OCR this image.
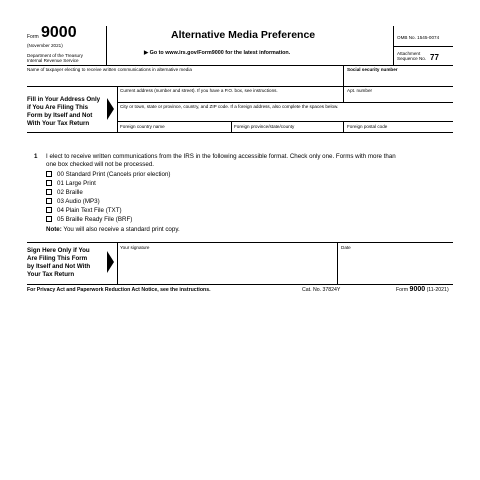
Form 9000
(November 2021)
Department of the Treasury
Internal Revenue Service
Alternative Media Preference
▶ Go to www.irs.gov/Form9000 for the latest information.
OMB No. 1545-0074
Attachment
Sequence No. 77
Name of taxpayer electing to receive written communications in alternative media	Social security number
Fill in Your Address Only
if You Are Filing This
Form by Itself and Not
With Your Tax Return
Current address (number and street). If you have a P.O. box, see instructions.	Apt. number
City or town, state or province, country, and ZIP code. If a foreign address, also complete the spaces below.
Foreign country name	Foreign province/state/county	Foreign postal code
1 I elect to receive written communications from the IRS in the following accessible format. Check only one. Forms with more than
one box checked will not be processed.
00 Standard Print (Cancels prior election)
01 Large Print
02 Braille
03 Audio (MP3)
04 Plain Text File (TXT)
05 Braille Ready File (BRF)
Note: You will also receive a standard print copy.
Sign Here Only if You
Are Filing This Form
by Itself and Not With
Your Tax Return
Your signature	Date
For Privacy Act and Paperwork Reduction Act Notice, see the instructions.	Cat. No. 37824Y	Form 9000 (11-2021)
